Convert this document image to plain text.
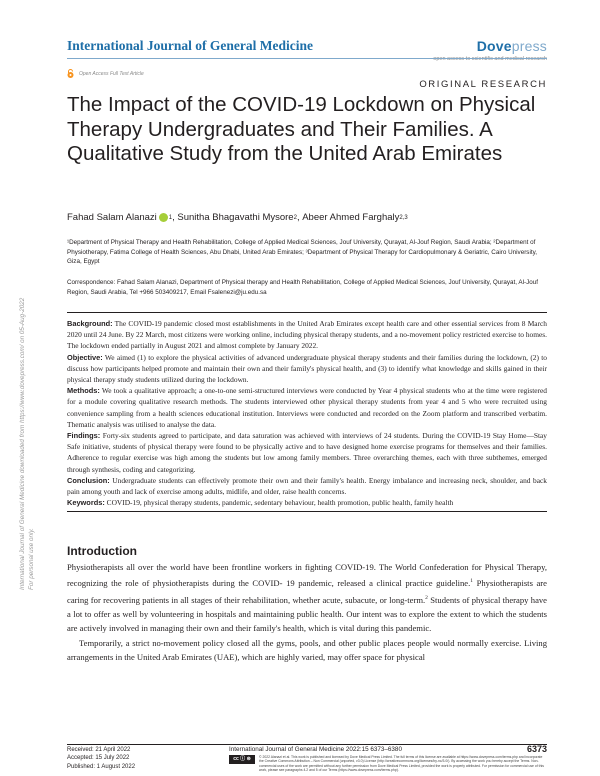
International Journal of General Medicine	Dovepress
open access to scientific and medical research
Open Access Full Text Article
ORIGINAL RESEARCH
The Impact of the COVID-19 Lockdown on Physical Therapy Undergraduates and Their Families. A Qualitative Study from the United Arab Emirates
Fahad Salam Alanazi 1 , Sunitha Bhagavathi Mysore 2 , Abeer Ahmed Farghaly 2,3

¹Department of Physical Therapy and Health Rehabilitation, College of Applied Medical Sciences, Jouf University, Qurayat, Al-Jouf Region, Saudi Arabia; ²Department of Physiotherapy, Fatima College of Health Sciences, Abu Dhabi, United Arab Emirates; ³Department of Physical Therapy for Cardiopulmonary & Geriatric, Cairo University, Giza, Egypt

Correspondence: Fahad Salam Alanazi, Department of Physical therapy and Health Rehabilitation, College of Applied Medical Sciences, Jouf University, Qurayat, Al-Jouf Region, Saudi Arabia, Tel +966 503409217, Email Fsalenezi@ju.edu.sa

Background: The COVID-19 pandemic closed most establishments in the United Arab Emirates except health care and other essential services from 8 March 2020 until 24 June. By 22 March, most citizens were working online, including physical therapy students, and a no-movement policy restricted exercise to homes. The lockdown ended partially in August 2021 and almost complete by January 2022.

Objective: We aimed (1) to explore the physical activities of advanced undergraduate physical therapy students and their families during the lockdown, (2) to discuss how participants helped promote and maintain their own and their family's physical health, and (3) to identify what knowledge and skills gained in their physical therapy study students utilized during the lockdown.

Methods: We took a qualitative approach; a one-to-one semi-structured interviews were conducted by Year 4 physical students who at the time were registered for a module covering qualitative research methods. The students interviewed other physical therapy students from year 4 and 5 who were recruited using convenience sampling from a health sciences educational institution. Interviews were conducted and recorded on the Zoom platform and transcribed verbatim. Thematic analysis was utilised to analyse the data.

Findings: Forty-six students agreed to participate, and data saturation was achieved with interviews of 24 students. During the COVID-19 Stay Home—Stay Safe initiative, students of physical therapy were found to be physically active and to have designed home exercise programs for themselves and their families. Adherence to regular exercise was high among the students but low among family members. Three overarching themes, each with three subthemes, emerged through synthesis, coding and categorizing.

Conclusion: Undergraduate students can effectively promote their own and their family's health. Energy imbalance and increasing neck, shoulder, and back pain among youth and lack of exercise among adults, midlife, and older, raise health concerns.

Keywords: COVID-19, physical therapy students, pandemic, sedentary behaviour, health promotion, public health, family health

Introduction

Physiotherapists all over the world have been frontline workers in fighting COVID-19. The World Confederation for Physical Therapy, recognizing the role of physiotherapists during the COVID- 19 pandemic, released a clinical practice guideline.$^1$ Physiotherapists are caring for recovering patients in all stages of their rehabilitation, whether acute, subacute, or long-term.$^2$ Students of physical therapy have a lot to offer as well by volunteering in hospitals and maintaining public health. Our intent was to explore the extent to which the students are actively involved in managing their own and their family's health, which is vital during this pandemic.

Temporarily, a strict no-movement policy closed all the gyms, pools, and other public places people would normally exercise. Living arrangements in the United Arab Emirates (UAE), which are highly varied, may offer space for physical

International Journal of General Medicine downloaded from https://www.dovepress.com/ on 05-Aug-2022 For personal use only.

Received: 21 April 2022
Accepted: 15 July 2022
Published: 1 August 2022

International Journal of General Medicine 2022:15 6373–6380	6373
cc ⓘ ⊜	© 2022 Alanazi et al. This work is published and licensed by Dove Medical Press Limited. The full terms of this license are available at https://www.dovepress.com/terms.php and incorporate the Creative Commons Attribution – Non Commercial (unported, v3.0) License (http://creativecommons.org/licenses/by-nc/3.0/). By accessing the work you hereby accept the Terms. Non-commercial uses of the work are permitted without any further permission from Dove Medical Press Limited, provided the work is properly attributed. For permission for commercial use of this work, please see paragraphs 4.2 and 5 of our Terms (https://www.dovepress.com/terms.php).
